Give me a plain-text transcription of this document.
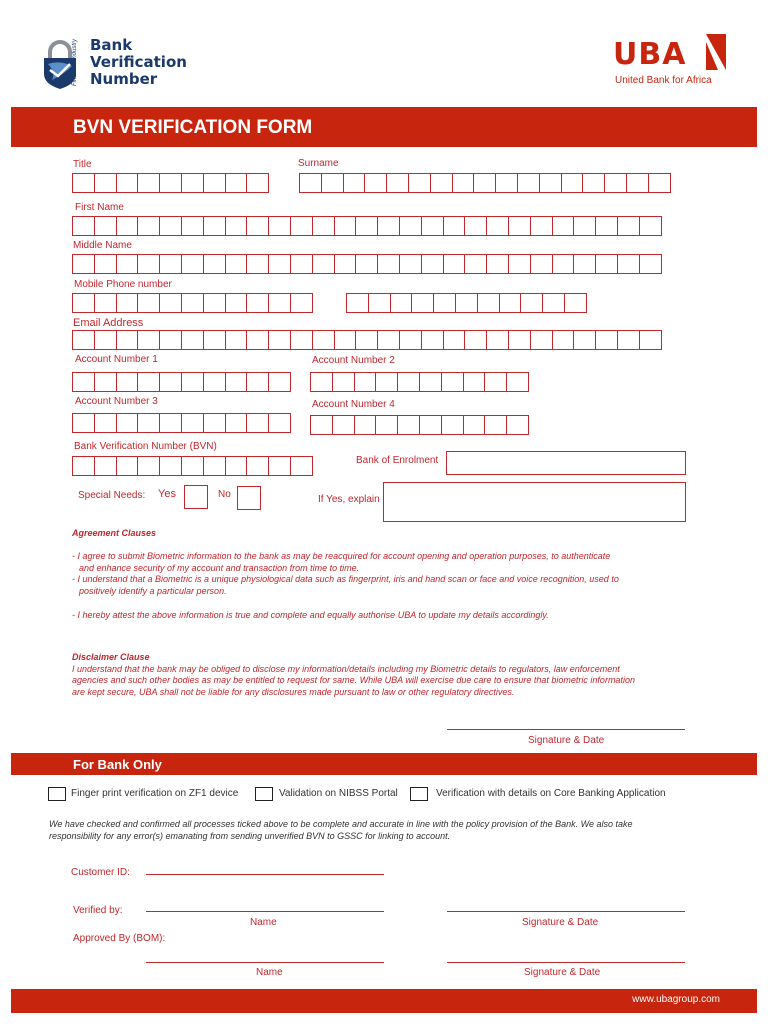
Financial Industry Bank
Verification
Number
UBA
United Bank for Africa
BVN VERIFICATION FORM
Title	Surname
First Name
Middle Name
Mobile Phone number
Email Address
Account Number 1	Account Number 2
Account Number 3	Account Number 4
Bank Verification Number (BVN)
Bank of Enrolment
Special Needs: Yes	No	If Yes, explain
Agreement Clauses
- I agree to submit Biometric information to the bank as may be reacquired for account opening and operation purposes, to authenticate
and enhance security of my account and transaction from time to time.
- I understand that a Biometric is a unique physiological data such as fingerprint, iris and hand scan or face and voice recognition, used to
positively identify a particular person.
- I hereby attest the above information is true and complete and equally authorise UBA to update my details accordingly.
Disclaimer Clause
I understand that the bank may be obliged to disclose my information/details including my Biometric details to regulators, law enforcement
agencies and such other bodies as may be entitled to request for same. While UBA will exercise due care to ensure that biometric information
are kept secure, UBA shall not be liable for any disclosures made pursuant to law or other regulatory directives.
Signature & Date
For Bank Only
Finger print verification on ZF1 device	Validation on NIBSS Portal	Verification with details on Core Banking Application
We have checked and confirmed all processes ticked above to be complete and accurate in line with the policy provision of the Bank. We also take
responsibility for any error(s) emanating from sending unverified BVN to GSSC for linking to account.
Customer ID:
Verified by:
Name	Signature & Date
Approved By (BOM):
Name	Signature & Date
www.ubagroup.com
